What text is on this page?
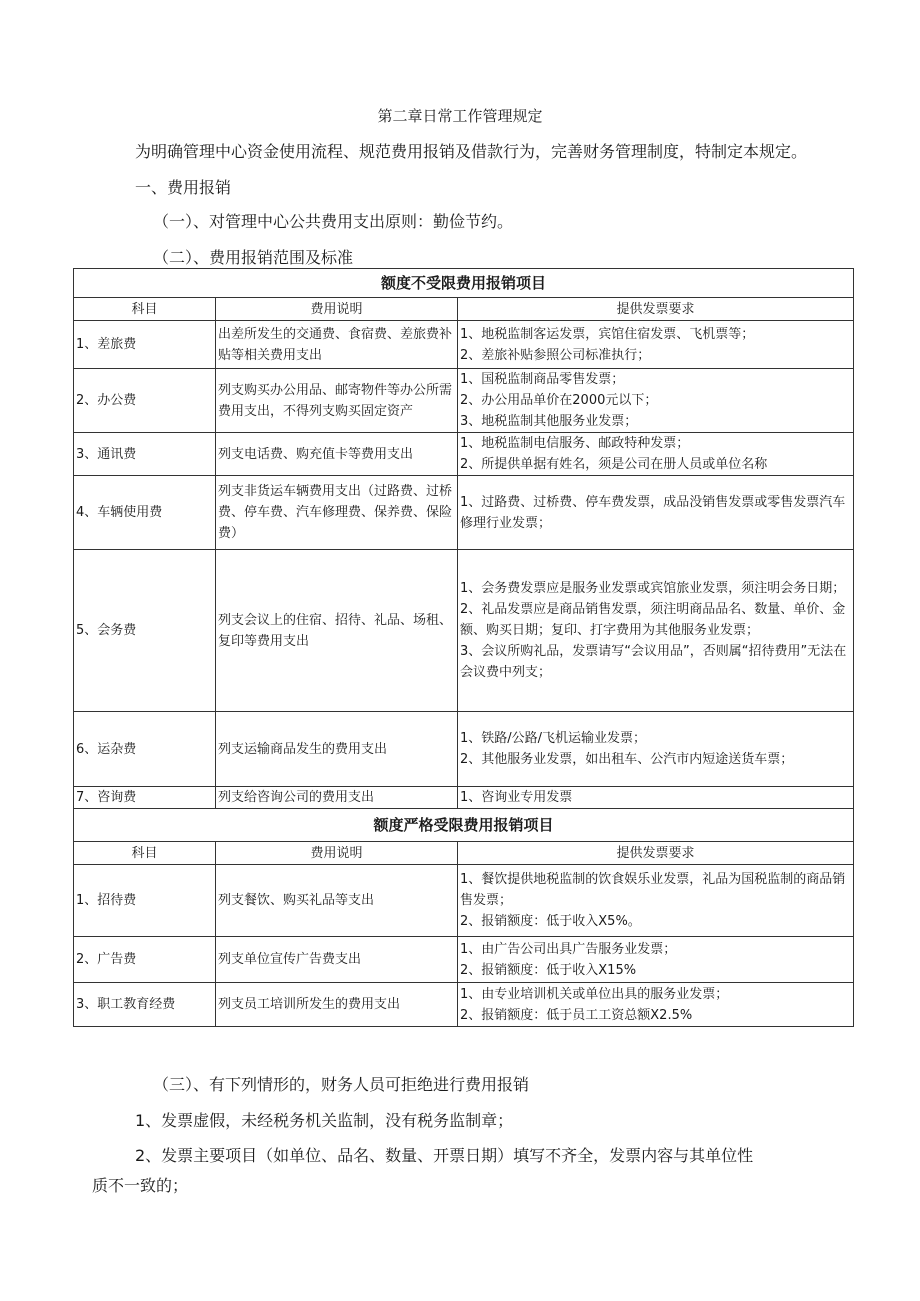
第二章日常工作管理规定
为明确管理中心资金使用流程、规范费用报销及借款行为，完善财务管理制度，特制定本规定。
一、费用报销
（一）、对管理中心公共费用支出原则：勤俭节约。
（二）、费用报销范围及标准
额度不受限费用报销项目		
科目	费用说明	提供发票要求
1、差旅费	出差所发生的交通费、食宿费、差旅费补贴等相关费用支出	1、地税监制客运发票，宾馆住宿发票、飞机票等；
2、差旅补贴参照公司标准执行；

2、办公费	列支购买办公用品、邮寄物件等办公所需费用支出，不得列支购买固定资产	1、国税监制商品零售发票；
2、办公用品单价在2000元以下；
3、地税监制其他服务业发票；

3、通讯费	列支电话费、购充值卡等费用支出	1、地税监制电信服务、邮政特种发票；
2、所提供单据有姓名，须是公司在册人员或单位名称

4、车辆使用费	列支非货运车辆费用支出（过路费、过桥费、停车费、汽车修理费、保养费、保险费）	1、过路费、过桥费、停车费发票，成品没销售发票或零售发票汽车修理行业发票；

5、会务费	列支会议上的住宿、招待、礼品、场租、复印等费用支出	1、会务费发票应是服务业发票或宾馆旅业发票，须注明会务日期；
2、礼品发票应是商品销售发票，须注明商品品名、数量、单价、金额、购买日期；复印、打字费用为其他服务业发票；
3、会议所购礼品，发票请写“会议用品”，否则属“招待费用”无法在会议费中列支；

6、运杂费	列支运输商品发生的费用支出	1、铁路/公路/飞机运输业发票；
2、其他服务业发票，如出租车、公汽市内短途送货车票；

7、咨询费	列支给咨询公司的费用支出	1、咨询业专用发票

额度严格受限费用报销项目		
科目	费用说明	提供发票要求
1、招待费	列支餐饮、购买礼品等支出	1、餐饮提供地税监制的饮食娱乐业发票，礼品为国税监制的商品销售发票；
2、报销额度：低于收入X5%。

2、广告费	列支单位宣传广告费支出	1、由广告公司出具广告服务业发票；
2、报销额度：低于收入X15%

3、职工教育经费	列支员工培训所发生的费用支出	1、由专业培训机关或单位出具的服务业发票；
2、报销额度：低于员工工资总额X2.5%
（三）、有下列情形的，财务人员可拒绝进行费用报销
1、发票虚假，未经税务机关监制，没有税务监制章；
2、发票主要项目（如单位、品名、数量、开票日期）填写不齐全，发票内容与其单位性
质不一致的；
